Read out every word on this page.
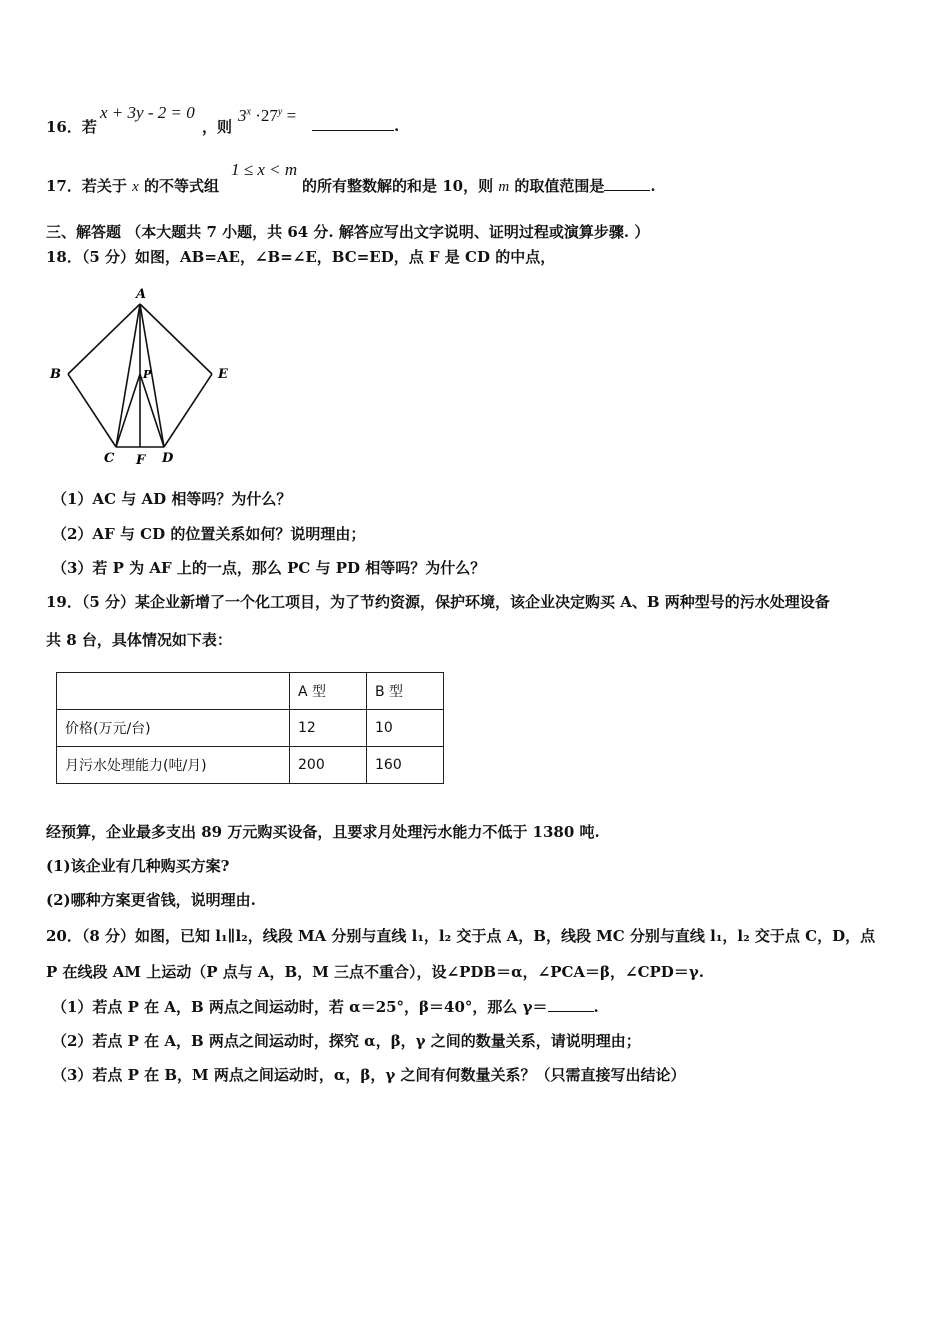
16．若
x + 3y - 2 = 0
，则
$3^x \cdot 27^y$ =
.
17．若关于 x 的不等式组
1 ≤ x < m
的所有整数解的和是 10，则 m 的取值范围是	.
三、解答题 （本大题共 7 小题，共 64 分. 解答应写出文字说明、证明过程或演算步骤. ）
18．（5 分）如图，AB=AE，∠B=∠E，BC=ED，点 F 是 CD 的中点，
A
B	E
P
C F D
（1）AC 与 AD 相等吗？为什么？
（2）AF 与 CD 的位置关系如何？说明理由；
（3）若 P 为 AF 上的一点，那么 PC 与 PD 相等吗？为什么？
19．（5 分）某企业新增了一个化工项目，为了节约资源，保护环境，该企业决定购买 A、B 两种型号的污水处理设备
共 8 台，具体情况如下表：
	A 型	B 型
价格(万元/台)	12	10
月污水处理能力(吨/月)	200	160
经预算，企业最多支出 89 万元购买设备，且要求月处理污水能力不低于 1380 吨.
(1)该企业有几种购买方案?
(2)哪种方案更省钱，说明理由.
20．（8 分）如图，已知 l₁∥l₂，线段 MA 分别与直线 l₁，l₂ 交于点 A，B，线段 MC 分别与直线 l₁，l₂ 交于点 C，D，点
P 在线段 AM 上运动（P 点与 A，B，M 三点不重合），设∠PDB＝α，∠PCA＝β，∠CPD＝γ.
（1）若点 P 在 A，B 两点之间运动时，若 α＝25°，β＝40°，那么 γ＝	.
（2）若点 P 在 A，B 两点之间运动时，探究 α，β，γ 之间的数量关系，请说明理由；
（3）若点 P 在 B，M 两点之间运动时，α，β，γ 之间有何数量关系？（只需直接写出结论）
